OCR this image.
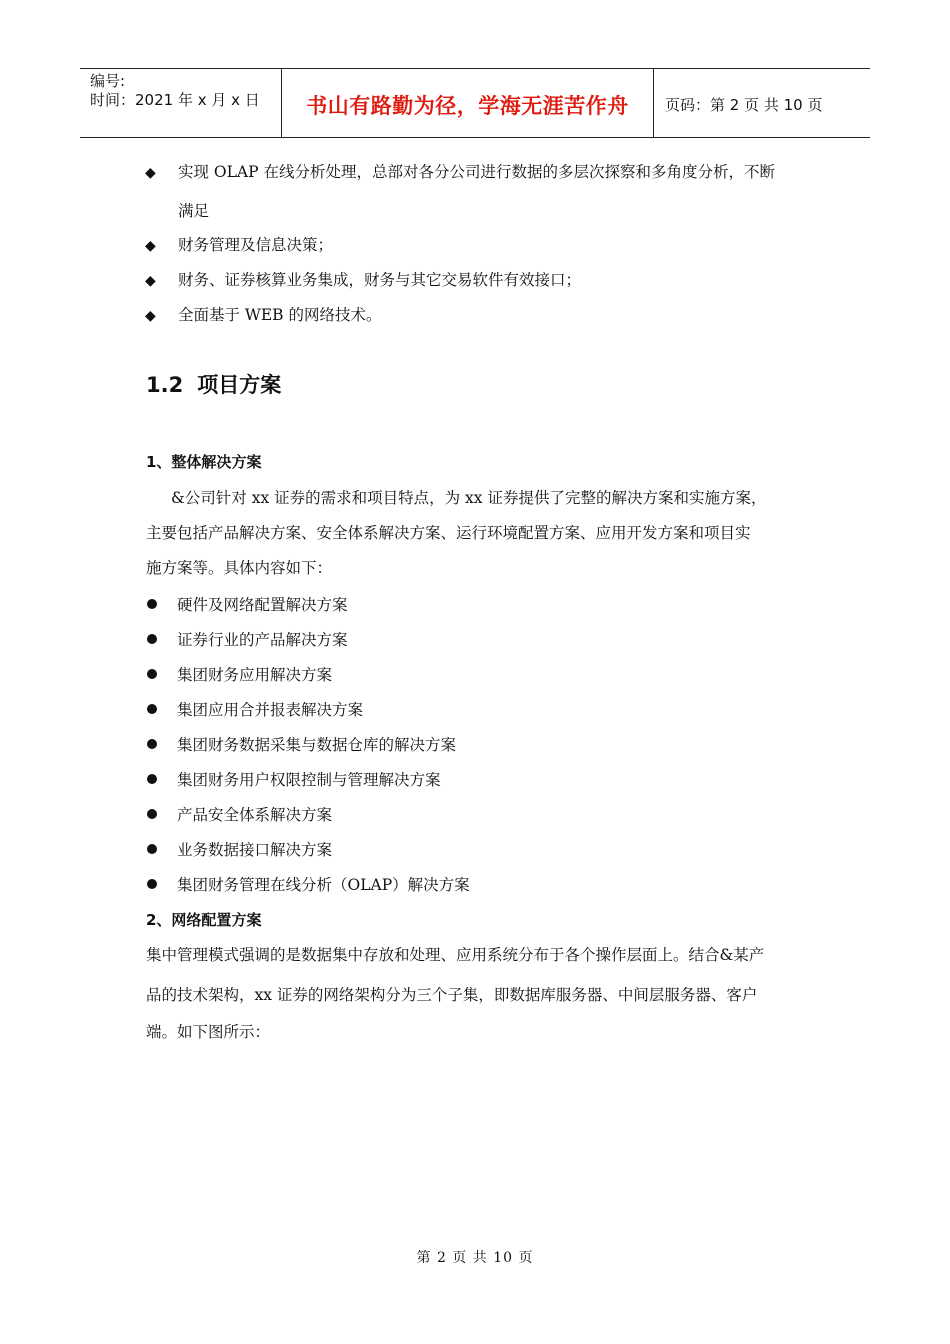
编号:
时间：2021 年 x 月 x 日	书山有路勤为径，学海无涯苦作舟	页码：第 2 页 共 10 页
◆ 实现 OLAP 在线分析处理，总部对各分公司进行数据的多层次探察和多角度分析，不断
满足
◆ 财务管理及信息决策；
◆ 财务、证券核算业务集成，财务与其它交易软件有效接口；
◆ 全面基于 WEB 的网络技术。
1.2 项目方案
1、整体解决方案
&公司针对 xx 证券的需求和项目特点，为 xx 证券提供了完整的解决方案和实施方案，
主要包括产品解决方案、安全体系解决方案、运行环境配置方案、应用开发方案和项目实
施方案等。具体内容如下：
硬件及网络配置解决方案
证券行业的产品解决方案
集团财务应用解决方案
集团应用合并报表解决方案
集团财务数据采集与数据仓库的解决方案
集团财务用户权限控制与管理解决方案
产品安全体系解决方案
业务数据接口解决方案
集团财务管理在线分析（OLAP）解决方案
2、网络配置方案
集中管理模式强调的是数据集中存放和处理、应用系统分布于各个操作层面上。结合&某产
品的技术架构，xx 证券的网络架构分为三个子集，即数据库服务器、中间层服务器、客户
端。如下图所示：
第 2 页 共 10 页
